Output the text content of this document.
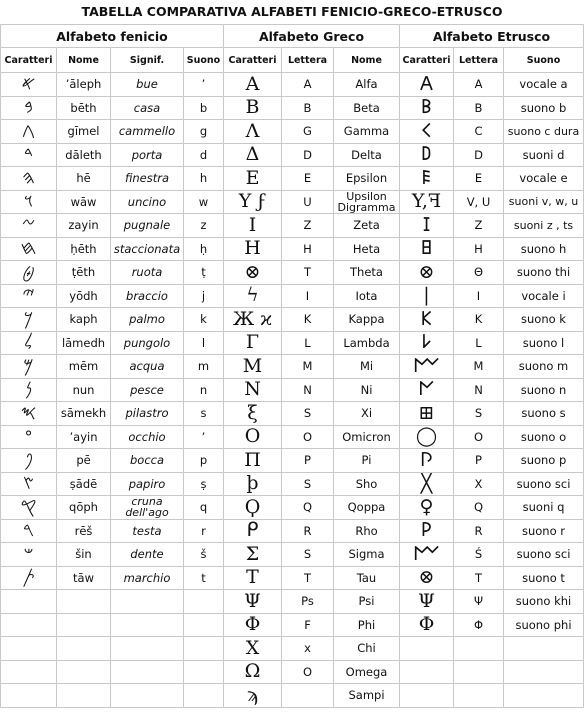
TABELLA COMPARATIVA ALFABETI FENICIO-GRECO-ETRUSCO
Alfabeto fenicio				Alfabeto Greco			Alfabeto Etrusco		
Caratteri	Nome	Signif.	Suono	Caratteri	Lettera	Nome	Caratteri	Lettera	Suono
𐤀	’āleph	bue	’	Α	A	Alfa	𐌀	A	vocale a
𐤁	bēth	casa	b	Β	B	Beta	𐌁	B	suono b
𐤂	gīmel	cammello	g	Λ	G	Gamma	𐌂	C	suono c dura
𐤃	dāleth	porta	d	Δ	D	Delta	𐌃	D	suoni d
𐤄	hē	finestra	h	Ε	E	Epsilon	𐌄	E	vocale e
𐤅	wāw	uncino	w	Υ ϝ	U	Upsilon Digramma	Y,ꟻ	V, U	suoni v, w, u
𐤆	zayin	pugnale	z	Ι	Z	Zeta	𐌆	Z	suoni z , ts
𐤇	ḥēth	staccionata	ḥ	Η	H	Heta	𐌇	H	suono h
𐤈	ṭēth	ruota	ṭ	⊗	T	Theta	⊗	Θ	suono thi
𐤉	yōdh	braccio	j	ϟ	I	Iota	|	I	vocale i
𐤊	kaph	palmo	k	Ж ϰ	K	Kappa	𐌊	K	suono k
𐤋	lāmedh	pungolo	l	Γ	L	Lambda	𐌋	L	suono l
𐤌	mēm	acqua	m	Μ	M	Mi	𐌌	M	suono m
𐤍	nun	pesce	n	Ν	N	Ni	𐌍	N	suono n
𐤎	sāmekh	pilastro	s	ξ	S	Xi	⊞	S	suono s
𐤏	’ayin	occhio	’	Ο	O	Omicron	◯	O	suono o
𐤐	pē	bocca	p	Π	P	Pi	𐌐	P	suono p
𐤑	ṣādē	papiro	ṣ	þ	S	Sho	╳	X	suono sci
𐤒	qōph	cruna dell'ago	q	Ϙ	Q	Qoppa	♀	Q	suoni q
𐤓	rēš	testa	r	ᑭ	R	Rho	𐌓	R	suono r
𐤔	šin	dente	š	Σ	S	Sigma	𐌌	Ś	suono sci
𐤕	tāw	marchio	t	Τ	T	Tau	⊗	T	suono t
				Ψ	Ps	Psi	Ψ	Ψ	suono khi
				Φ	F	Phi	Φ	Φ	suono phi
				Χ	x	Chi			
				Ω	O	Omega			
				ϡ		Sampi			
